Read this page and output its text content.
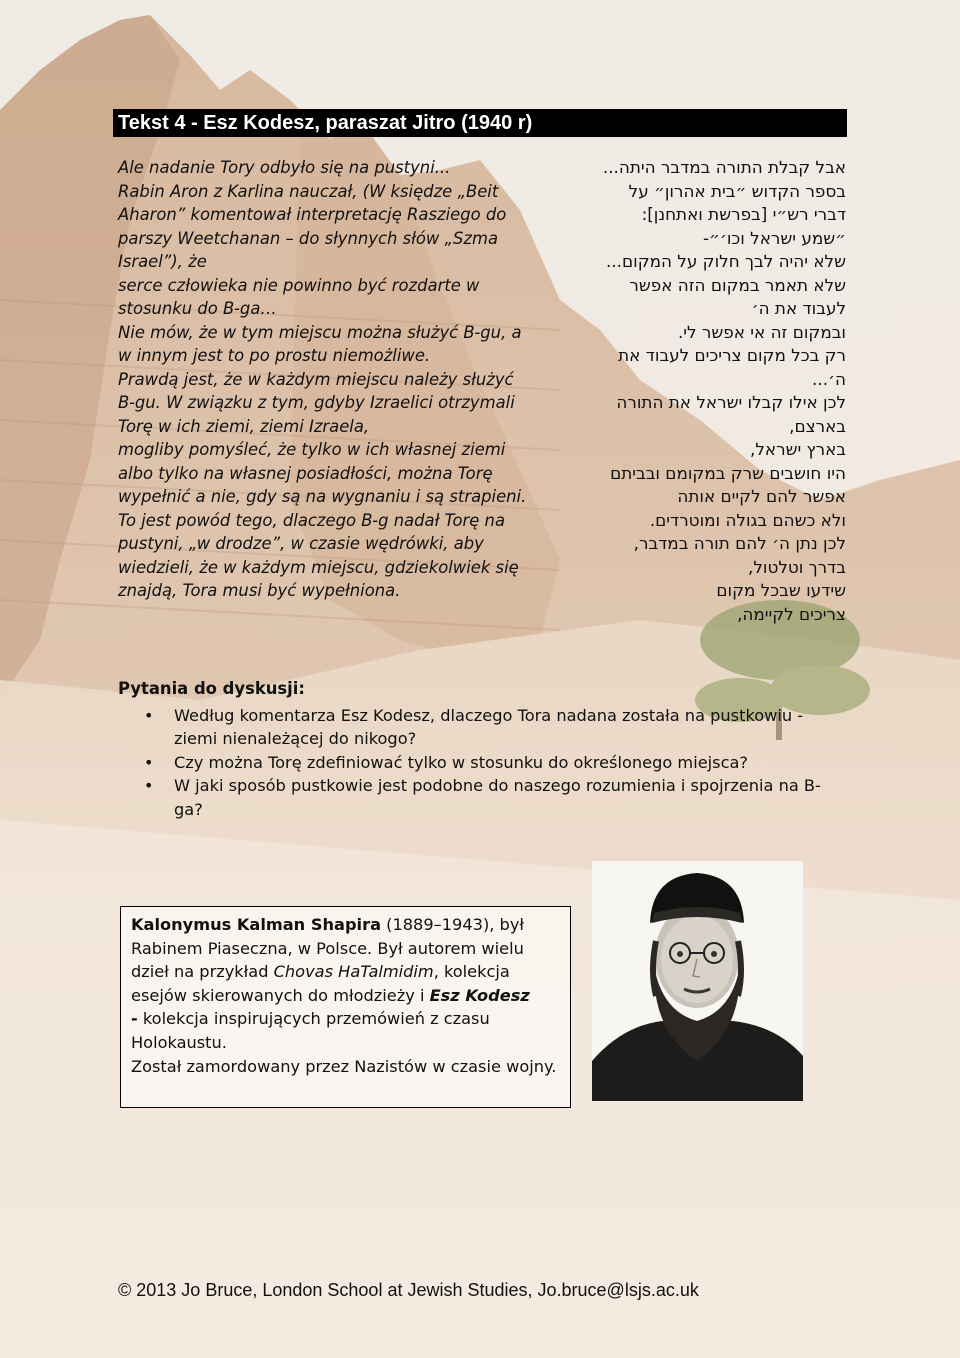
Tekst 4 - Esz Kodesz, paraszat Jitro (1940 r)

Ale nadanie Tory odbyło się na pustyni...

Rabin Aron z Karlina nauczał, (W księdze „Beit

Aharon” komentował interpretację Rasziego do

parszy Weetchanan – do słynnych słów „Szma

Israel”), że

serce człowieka nie powinno być rozdarte w

stosunku do B-ga…

Nie mów, że w tym miejscu można służyć B-gu, a

w innym jest to po prostu niemożliwe.

Prawdą jest, że w każdym miejscu należy służyć

B-gu. W związku z tym, gdyby Izraelici otrzymali

Torę w ich ziemi, ziemi Izraela,

mogliby pomyśleć, że tylko w ich własnej ziemi

albo tylko na własnej posiadłości, można Torę

wypełnić a nie, gdy są na wygnaniu i są strapieni.

To jest powód tego, dlaczego B-g nadał Torę na

pustyni, „w drodze”, w czasie wędrówki, aby

wiedzieli, że w każdym miejscu, gdziekolwiek się

znajdą, Tora musi być wypełniona.

אבל קבלת התורה במדבר היתה...

בספר הקדוש ״בית אהרון״ על

דברי רש״י [בפרשת ואתחנן]:

״שמע ישראל וכו׳״-

שלא יהיה לבך חלוק על המקום...

שלא תאמר במקום הזה אפשר

לעבוד את ה׳

ובמקום זה אי אפשר לי.

רק בכל מקום צריכים לעבוד את

ה׳...

לכן אילו קבלו ישראל את התורה

בארצם,

בארץ ישראל,

היו חושבים שרק במקומם ובביתם

אפשר להם לקיים אותה

ולא כשהם בגולה ומוטרדים.

לכן נתן ה׳ להם תורה במדבר,

בדרך וטלטול,

שידעו שבכל מקום

צריכים לקיימה,

Pytania do dyskusji:
• Według komentarza Esz Kodesz, dlaczego Tora nadana została na pustkowiu - ziemi nienależącej do nikogo?
• Czy można Torę zdefiniować tylko w stosunku do określonego miejsca?
• W jaki sposób pustkowie jest podobne do naszego rozumienia i spojrzenia na B-ga?

Kalonymus Kalman Shapira (1889–1943), był Rabinem Piaseczna, w Polsce. Był autorem wielu dzieł na przykład Chovas HaTalmidim, kolekcja esejów skierowanych do młodzieży i Esz Kodesz
- kolekcja inspirujących przemówień z czasu Holokaustu.

Został zamordowany przez Nazistów w czasie wojny.

© 2013 Jo Bruce, London School at Jewish Studies, Jo.bruce@lsjs.ac.uk
